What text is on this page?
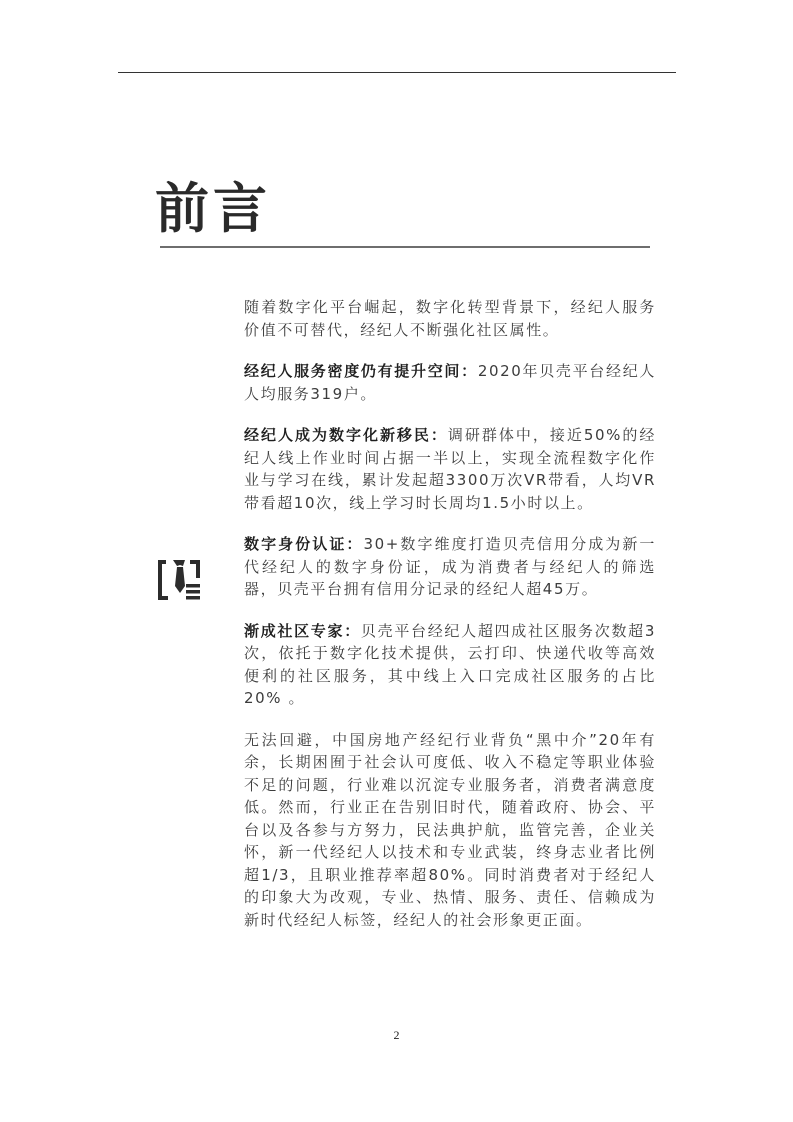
前言

随着数字化平台崛起，数字化转型背景下，经纪人服务价值不可替代，经纪人不断强化社区属性。

经纪人服务密度仍有提升空间：2020年贝壳平台经纪人人均服务319户。

经纪人成为数字化新移民：调研群体中，接近50%的经纪人线上作业时间占据一半以上，实现全流程数字化作业与学习在线，累计发起超3300万次VR带看，人均VR带看超10次，线上学习时长周均1.5小时以上。

数字身份认证：30+数字维度打造贝壳信用分成为新一代经纪人的数字身份证，成为消费者与经纪人的筛选器，贝壳平台拥有信用分记录的经纪人超45万。

渐成社区专家：贝壳平台经纪人超四成社区服务次数超3次，依托于数字化技术提供，云打印、快递代收等高效便利的社区服务，其中线上入口完成社区服务的占比20% 。

无法回避，中国房地产经纪行业背负“黑中介”20年有余，长期困囿于社会认可度低、收入不稳定等职业体验不足的问题，行业难以沉淀专业服务者，消费者满意度低。然而，行业正在告别旧时代，随着政府、协会、平台以及各参与方努力，民法典护航，监管完善，企业关怀，新一代经纪人以技术和专业武装，终身志业者比例超1/3，且职业推荐率超80%。同时消费者对于经纪人的印象大为改观，专业、热情、服务、责任、信赖成为新时代经纪人标签，经纪人的社会形象更正面。

2
